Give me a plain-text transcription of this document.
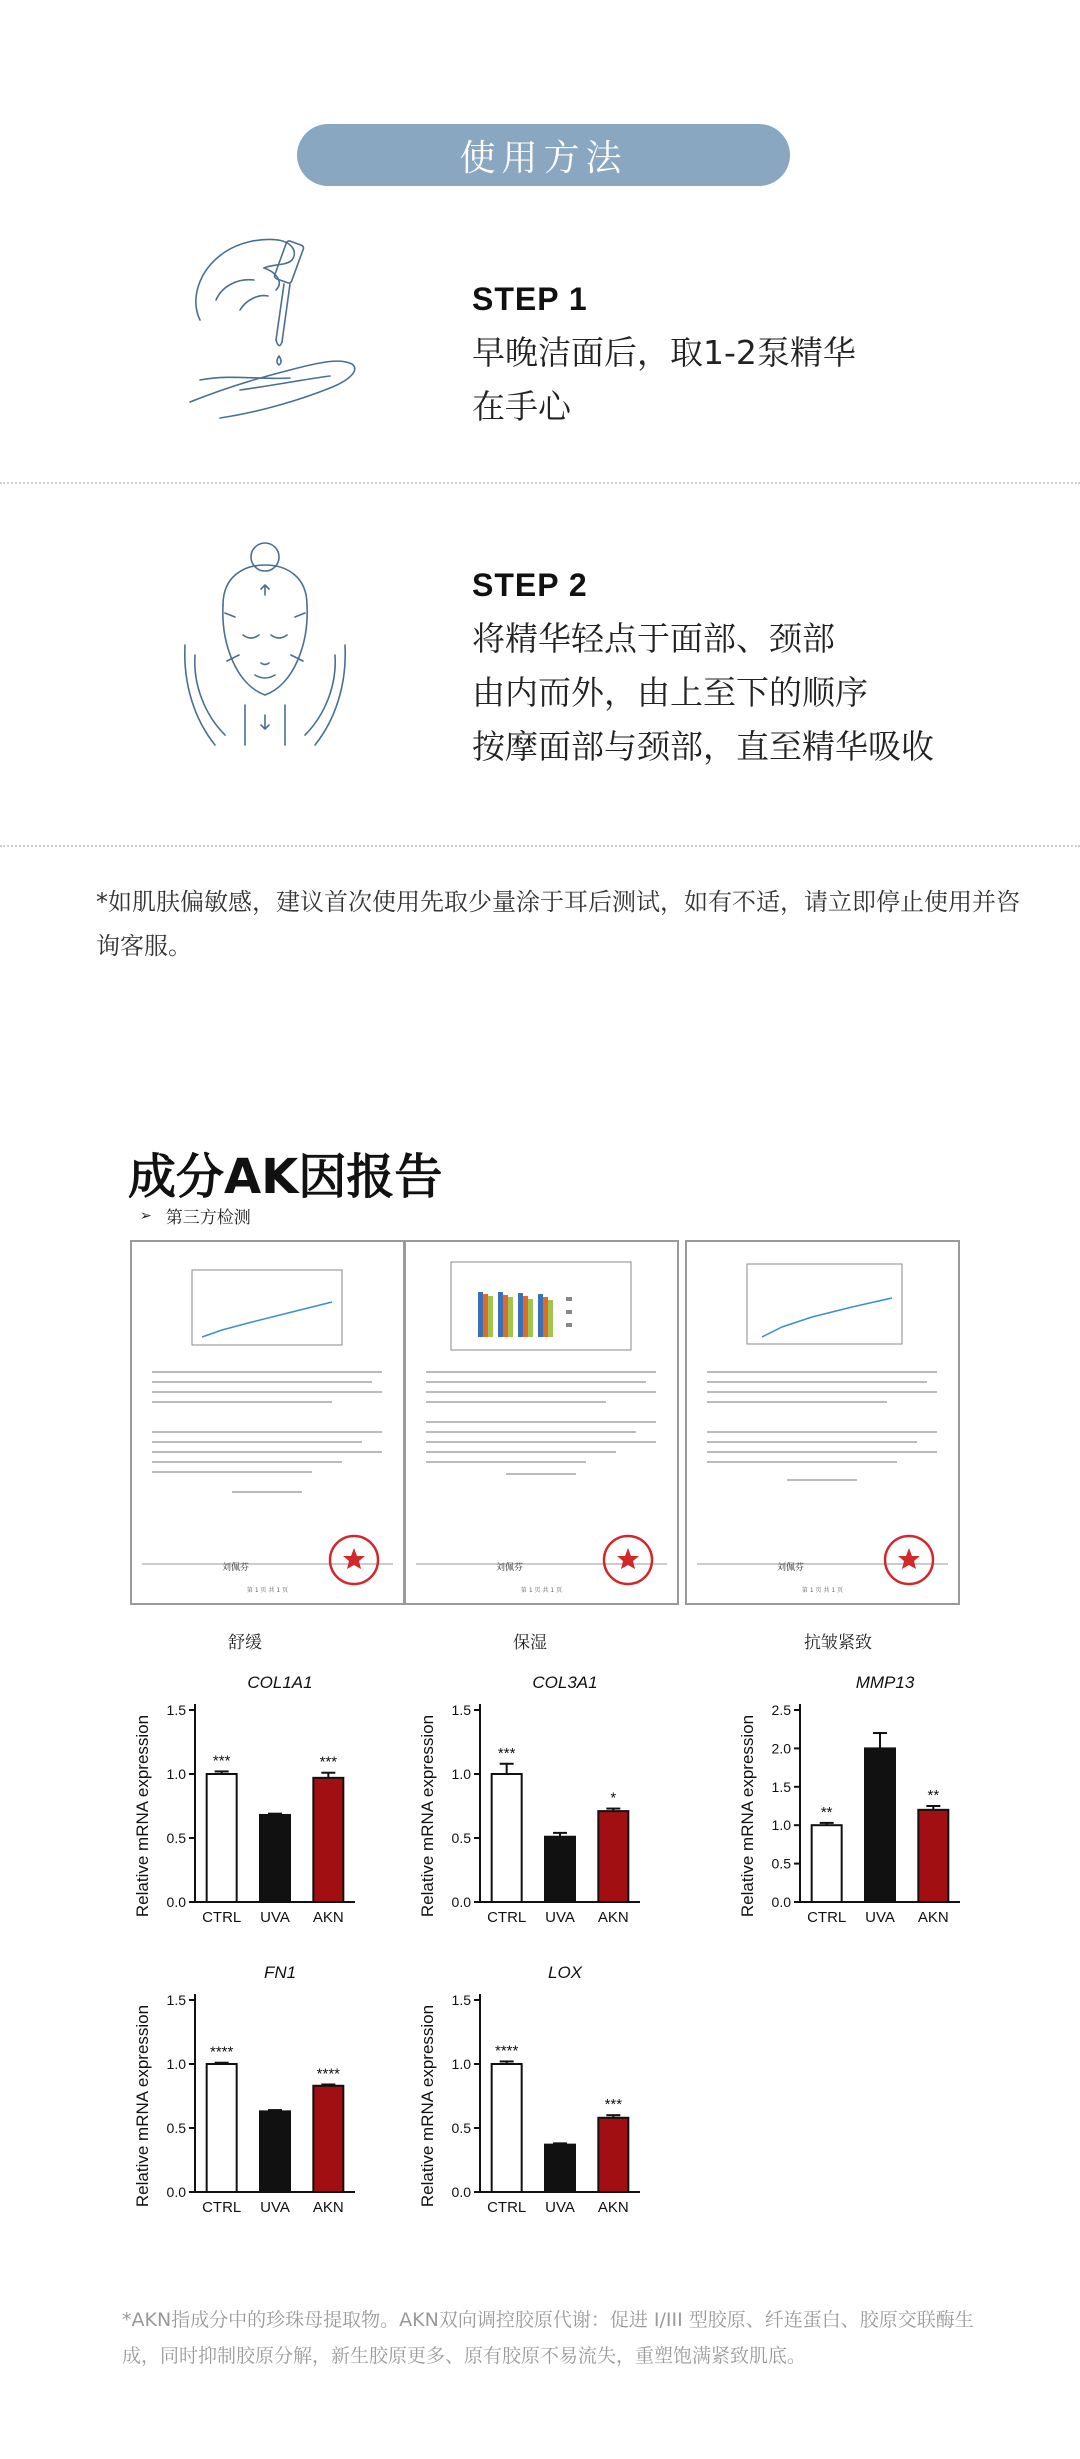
使用方法
STEP 1
早晚洁面后，取1-2泵精华
在手心
STEP 2
将精华轻点于面部、颈部
由内而外，由上至下的顺序
按摩面部与颈部，直至精华吸收
*如肌肤偏敏感，建议首次使用先取少量涂于耳后测试，如有不适，请立即停止使用并咨询客服。
成分AK因报告
➢ 第三方检测
刘佩芬
第 1 页 共 1 页
刘佩芬
第 1 页 共 1 页
刘佩芬
第 1 页 共 1 页
舒缓	保湿	抗皱紧致
COL1A1
Relative mRNA expression 0.0
0.5
1.0
1.5
***
CTRL UVA
***
AKN
COL3A1
Relative mRNA expression 0.0
0.5
1.0
1.5
***
CTRL UVA
*
AKN
MMP13
Relative mRNA expression 0.0
0.5
1.0
1.5
2.0
2.5
**
CTRL UVA
**
AKN
FN1
Relative mRNA expression 0.0
0.5
1.0
1.5
****
CTRL UVA
****
AKN
LOX
Relative mRNA expression 0.0
0.5
1.0
1.5
****
CTRL UVA
***
AKN
*AKN指成分中的珍珠母提取物。AKN双向调控胶原代谢：促进 I/III 型胶原、纤连蛋白、胶原交联酶生成，同时抑制胶原分解，新生胶原更多、原有胶原不易流失，重塑饱满紧致肌底。
